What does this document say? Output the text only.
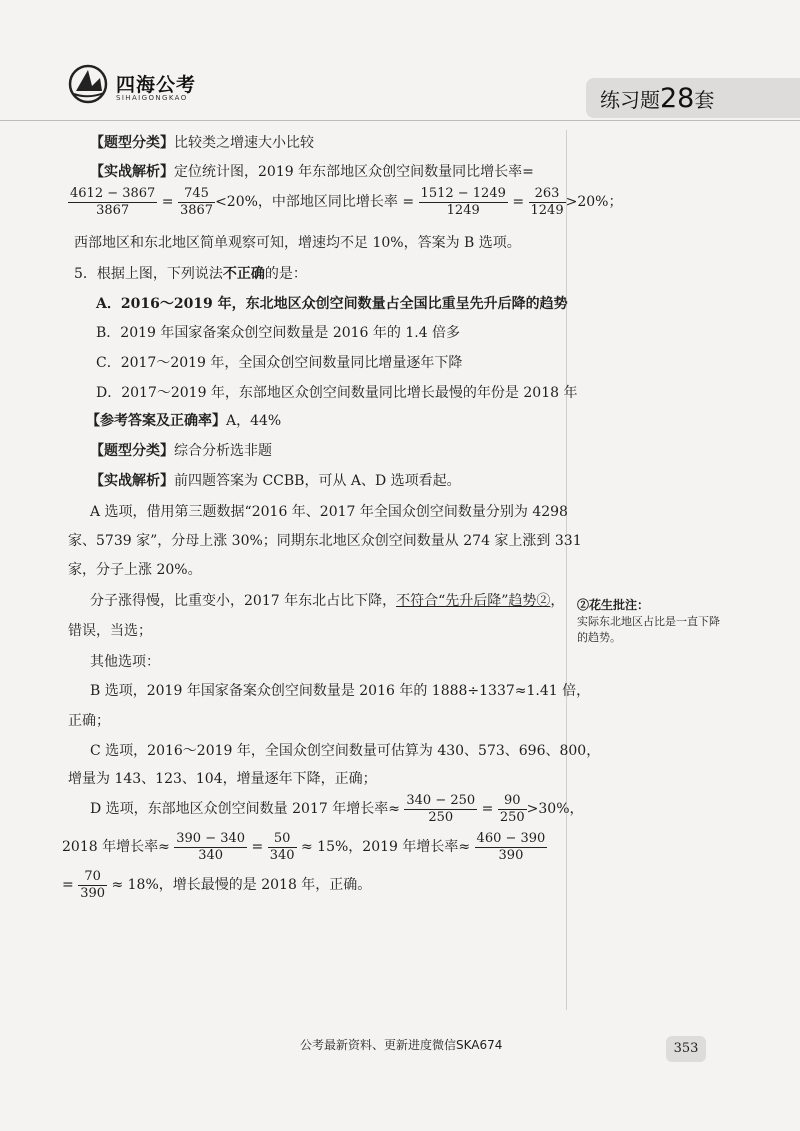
四海公考
SIHAIGONGKAO	练习题28套
【题型分类】比较类之增速大小比较
【实战解析】定位统计图，2019 年东部地区众创空间数量同比增长率=
$\frac{4612 - 3867}{3867} = \frac{745}{3867} <20\%$，中部地区同比增长率 = $\frac{1512 - 1249}{1249} = \frac{263}{1249} >20\%$；
西部地区和东北地区简单观察可知，增速均不足 10%，答案为 B 选项。
5．根据上图，下列说法不正确的是：
A．2016～2019 年，东北地区众创空间数量占全国比重呈先升后降的趋势
B．2019 年国家备案众创空间数量是 2016 年的 1.4 倍多
C．2017～2019 年，全国众创空间数量同比增量逐年下降
D．2017～2019 年，东部地区众创空间数量同比增长最慢的年份是 2018 年
【参考答案及正确率】A，44%
【题型分类】综合分析选非题
【实战解析】前四题答案为 CCBB，可从 A、D 选项看起。
A 选项，借用第三题数据“2016 年、2017 年全国众创空间数量分别为 4298
家、5739 家”，分母上涨 30%；同期东北地区众创空间数量从 274 家上涨到 331
家，分子上涨 20%。
分子涨得慢，比重变小，2017 年东北占比下降，不符合“先升后降”趋势②，
错误，当选；
其他选项：
B 选项，2019 年国家备案众创空间数量是 2016 年的 1888÷1337≈1.41 倍，
正确；
C 选项，2016～2019 年，全国众创空间数量可估算为 430、573、696、800，
增量为 143、123、104，增量逐年下降，正确；
D 选项，东部地区众创空间数量 2017 年增长率≈ $\frac{340 - 250}{250} = \frac{90}{250} >30\%$，
2018 年增长率≈ $\frac{390 - 340}{340} = \frac{50}{340} \approx 15\%$，2019 年增长率≈ $\frac{460 - 390}{390}$
= $\frac{70}{390} \approx 18\%$，增长最慢的是 2018 年，正确。
②花生批注：
实际东北地区占比是一直下降的趋势。
公考最新资料、更新进度微信SKA674	353
